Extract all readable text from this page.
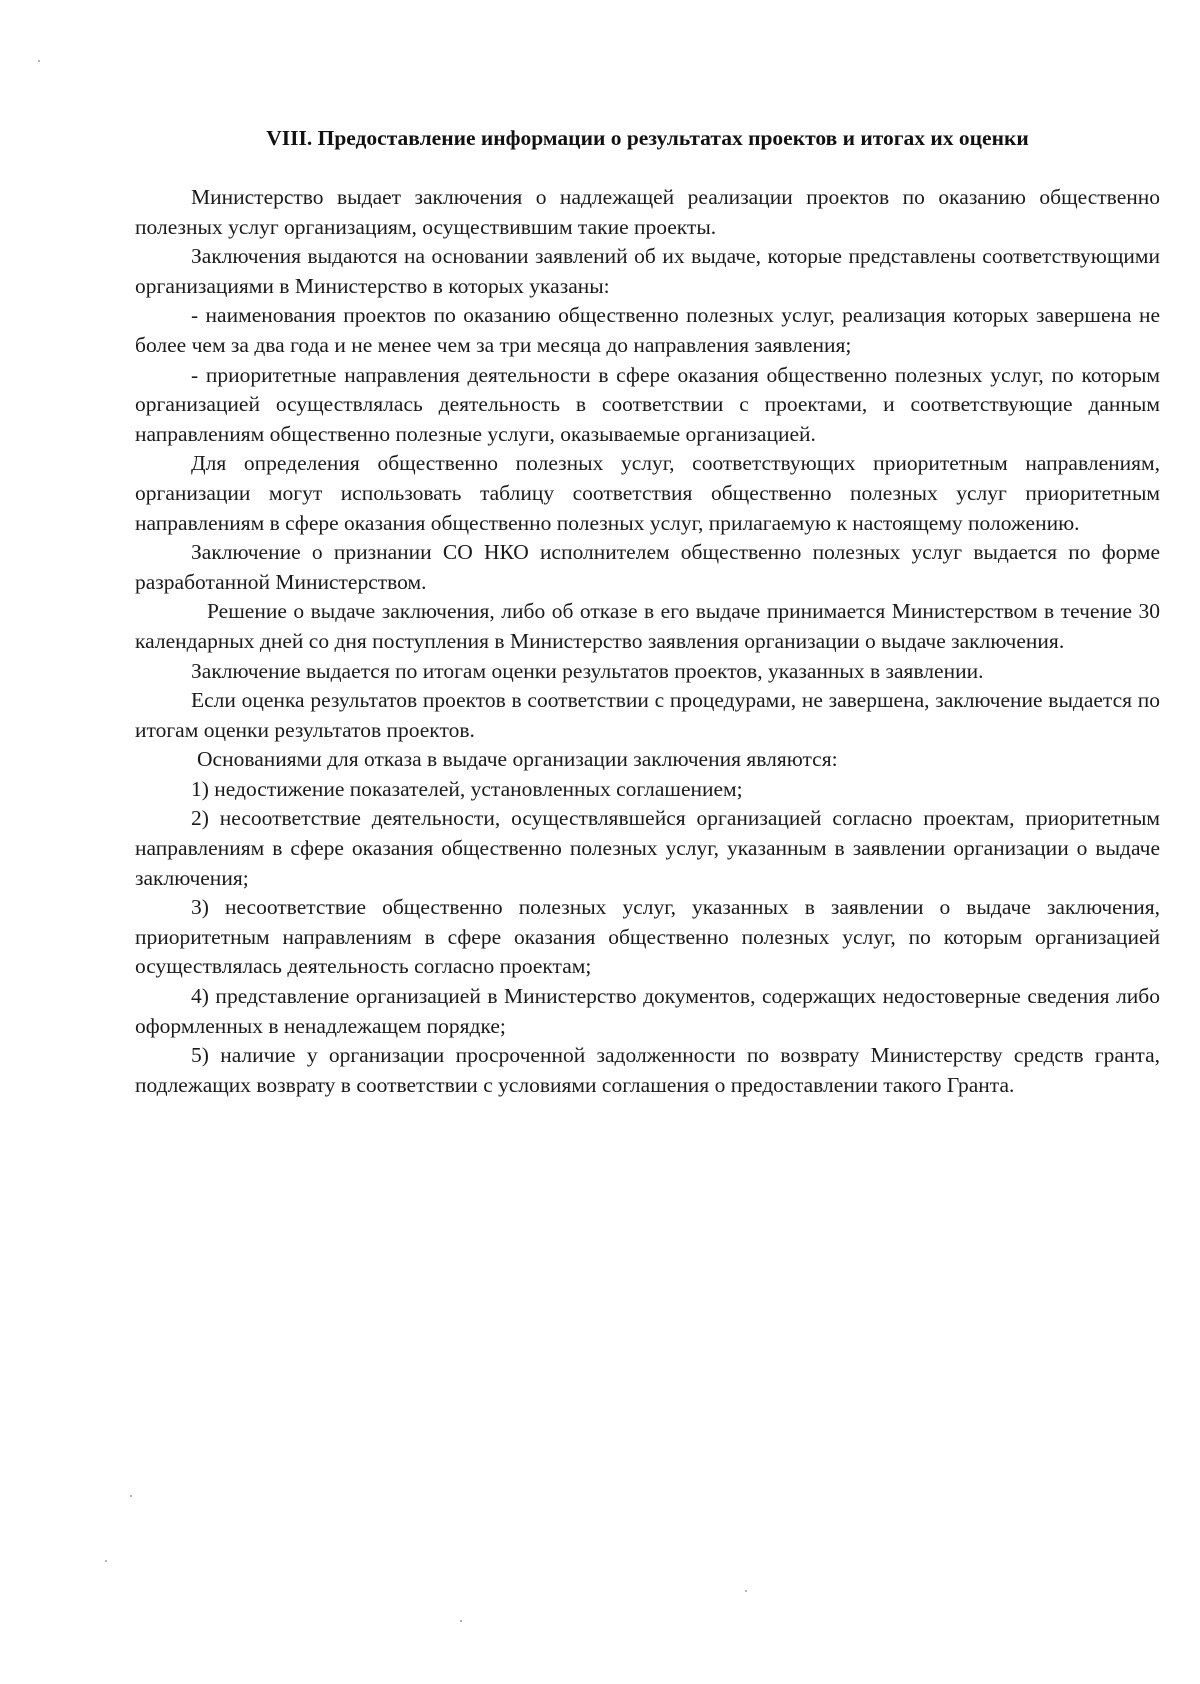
VIII. Предоставление информации о результатах проектов и итогах их оценки

Министерство выдает заключения о надлежащей реализации проектов по оказанию общественно полезных услуг организациям, осуществившим такие проекты.

Заключения выдаются на основании заявлений об их выдаче, которые представлены соответствующими организациями в Министерство в которых указаны:

- наименования проектов по оказанию общественно полезных услуг, реализация которых завершена не более чем за два года и не менее чем за три месяца до направления заявления;

- приоритетные направления деятельности в сфере оказания общественно полезных услуг, по которым организацией осуществлялась деятельность в соответствии с проектами, и соответствующие данным направлениям общественно полезные услуги, оказываемые организацией.

Для определения общественно полезных услуг, соответствующих приоритетным направлениям, организации могут использовать таблицу соответствия общественно полезных услуг приоритетным направлениям в сфере оказания общественно полезных услуг, прилагаемую к настоящему положению.

Заключение о признании СО НКО исполнителем общественно полезных услуг выдается по форме разработанной Министерством.

Решение о выдаче заключения, либо об отказе в его выдаче принимается Министерством в течение 30 календарных дней со дня поступления в Министерство заявления организации о выдаче заключения.

Заключение выдается по итогам оценки результатов проектов, указанных в заявлении.

Если оценка результатов проектов в соответствии с процедурами, не завершена, заключение выдается по итогам оценки результатов проектов.

Основаниями для отказа в выдаче организации заключения являются:

1) недостижение показателей, установленных соглашением;

2) несоответствие деятельности, осуществлявшейся организацией согласно проектам, приоритетным направлениям в сфере оказания общественно полезных услуг, указанным в заявлении организации о выдаче заключения;

3) несоответствие общественно полезных услуг, указанных в заявлении о выдаче заключения, приоритетным направлениям в сфере оказания общественно полезных услуг, по которым организацией осуществлялась деятельность согласно проектам;

4) представление организацией в Министерство документов, содержащих недостоверные сведения либо оформленных в ненадлежащем порядке;

5) наличие у организации просроченной задолженности по возврату Министерству средств гранта, подлежащих возврату в соответствии с условиями соглашения о предоставлении такого Гранта.
